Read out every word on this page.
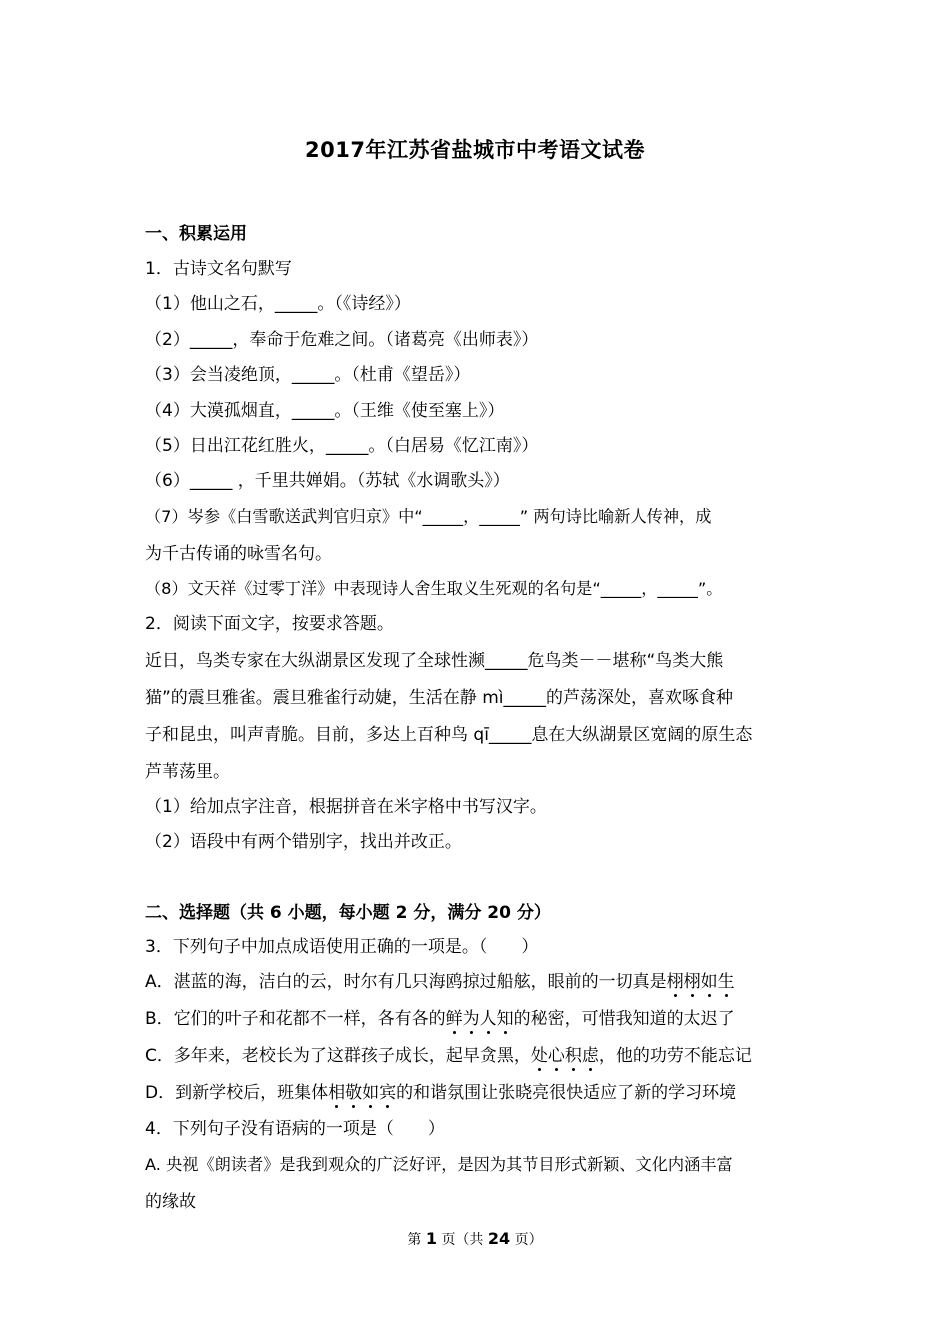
2017年江苏省盐城市中考语文试卷
一、积累运用
1．古诗文名句默写
（1）他山之石，_____。（《诗经》）
（2）_____，奉命于危难之间。（诸葛亮《出师表》）
（3）会当凌绝顶，_____。（杜甫《望岳》）
（4）大漠孤烟直，_____。（王维《使至塞上》）
（5）日出江花红胜火，_____。（白居易《忆江南》）
（6）_____ ，千里共婵娟。（苏轼《水调歌头》）
（7）岑参《白雪歌送武判官归京》中“_____，_____” 两句诗比喻新人传神，成
为千古传诵的咏雪名句。
（8）文天祥《过零丁洋》中表现诗人舍生取义生死观的名句是“_____，_____”。
2．阅读下面文字，按要求答题。
近日，鸟类专家在大纵湖景区发现了全球性濒_____危鸟类－－堪称“鸟类大熊
猫”的震旦雅雀。震旦雅雀行动婕，生活在静 mì_____的芦荡深处，喜欢啄食种
子和昆虫，叫声青脆。目前，多达上百种鸟 qī_____息在大纵湖景区宽阔的原生态
芦苇荡里。
（1）给加点字注音，根据拼音在米字格中书写汉字。
（2）语段中有两个错别字，找出并改正。
二、选择题（共 6 小题，每小题 2 分，满分 20 分）
3．下列句子中加点成语使用正确的一项是。（　　）
A．湛蓝的海，洁白的云，时尔有几只海鸥掠过船舷，眼前的一切真是栩栩如生
B．它们的叶子和花都不一样，各有各的鲜为人知的秘密，可惜我知道的太迟了
C．多年来，老校长为了这群孩子成长，起早贪黑，处心积虑，他的功劳不能忘记
D．到新学校后，班集体相敬如宾的和谐氛围让张晓亮很快适应了新的学习环境
4．下列句子没有语病的一项是（　　）
A. 央视《朗读者》是我到观众的广泛好评，是因为其节目形式新颖、文化内涵丰富
的缘故
第 1 页（共 24 页）
